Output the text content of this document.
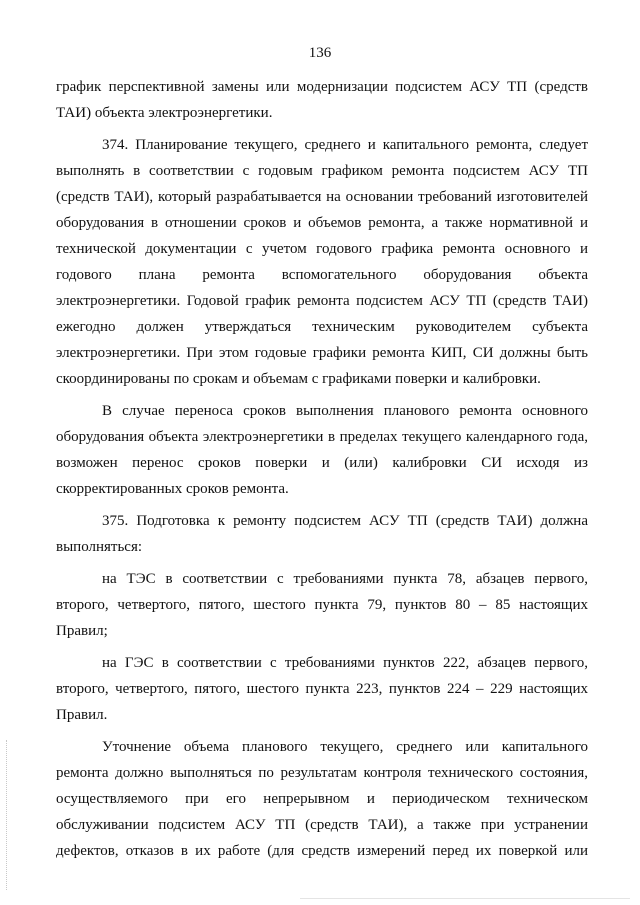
136
график перспективной замены или модернизации подсистем АСУ ТП (средств
ТАИ) объекта электроэнергетики.
374. Планирование текущего, среднего и капитального ремонта, следует
выполнять в соответствии с годовым графиком ремонта подсистем АСУ ТП
(средств ТАИ), который разрабатывается на основании требований изготовителей
оборудования в отношении сроков и объемов ремонта, а также нормативной и
технической документации с учетом годового графика ремонта основного и
годового плана ремонта вспомогательного оборудования объекта
электроэнергетики. Годовой график ремонта подсистем АСУ ТП (средств ТАИ)
ежегодно должен утверждаться техническим руководителем субъекта
электроэнергетики. При этом годовые графики ремонта КИП, СИ должны быть
скоординированы по срокам и объемам с графиками поверки и калибровки.
В случае переноса сроков выполнения планового ремонта основного
оборудования объекта электроэнергетики в пределах текущего календарного года,
возможен перенос сроков поверки и (или) калибровки СИ исходя из
скорректированных сроков ремонта.
375. Подготовка к ремонту подсистем АСУ ТП (средств ТАИ) должна
выполняться:
на ТЭС в соответствии с требованиями пункта 78, абзацев первого,
второго, четвертого, пятого, шестого пункта 79, пунктов 80 – 85 настоящих
Правил;
на ГЭС в соответствии с требованиями пунктов 222, абзацев первого,
второго, четвертого, пятого, шестого пункта 223, пунктов 224 – 229 настоящих
Правил.
Уточнение объема планового текущего, среднего или капитального
ремонта должно выполняться по результатам контроля технического состояния,
осуществляемого при его непрерывном и периодическом техническом
обслуживании подсистем АСУ ТП (средств ТАИ), а также при устранении
дефектов, отказов в их работе (для средств измерений перед их поверкой или
